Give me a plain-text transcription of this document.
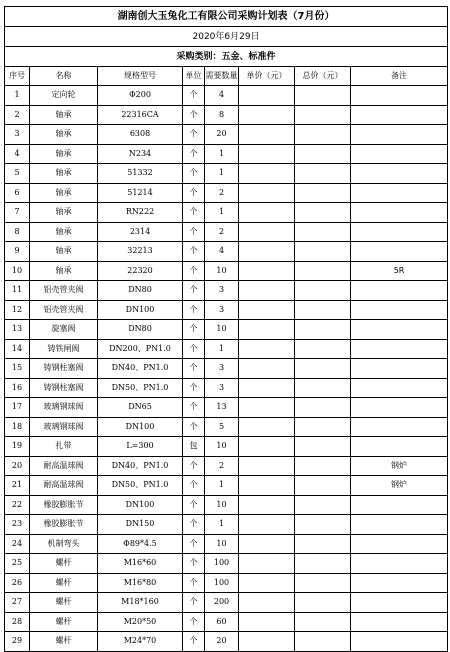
湖南创大玉兔化工有限公司采购计划表（7月份）							
2020年6月29日							
采购类别：五金、标准件							
序号	名称	规格型号	单位	需要数量	单价（元）	总价（元）	备注
1	定向轮	Φ200	个	4			
2	轴承	22316CA	个	8			
3	轴承	6308	个	20			
4	轴承	N234	个	1			
5	轴承	51332	个	1			
6	轴承	51214	个	2			
7	轴承	RN222	个	1			
8	轴承	2314	个	2			
9	轴承	32213	个	4			
10	轴承	22320	个	10			5R
11	铝壳管夹阀	DN80	个	3			
12	铝壳管夹阀	DN100	个	3			
13	旋塞阀	DN80	个	10			
14	铸铁闸阀	DN200、PN1.0	个	1			
15	铸钢柱塞阀	DN40、PN1.0	个	3			
16	铸钢柱塞阀	DN50、PN1.0	个	3			
17	玻璃钢球阀	DN65	个	13			
18	玻璃钢球阀	DN100	个	5			
19	扎带	L=300	包	10			
20	耐高温球阀	DN40、PN1.0	个	2			钢炉
21	耐高温球阀	DN50、PN1.0	个	1			钢炉
22	橡胶膨胀节	DN100	个	10			
23	橡胶膨胀节	DN150	个	1			
24	机制弯头	Φ89*4.5	个	10			
25	螺杆	M16*60	个	100			
26	螺杆	M16*80	个	100			
27	螺杆	M18*160	个	200			
28	螺杆	M20*50	个	60			
29	螺杆	M24*70	个	20			
